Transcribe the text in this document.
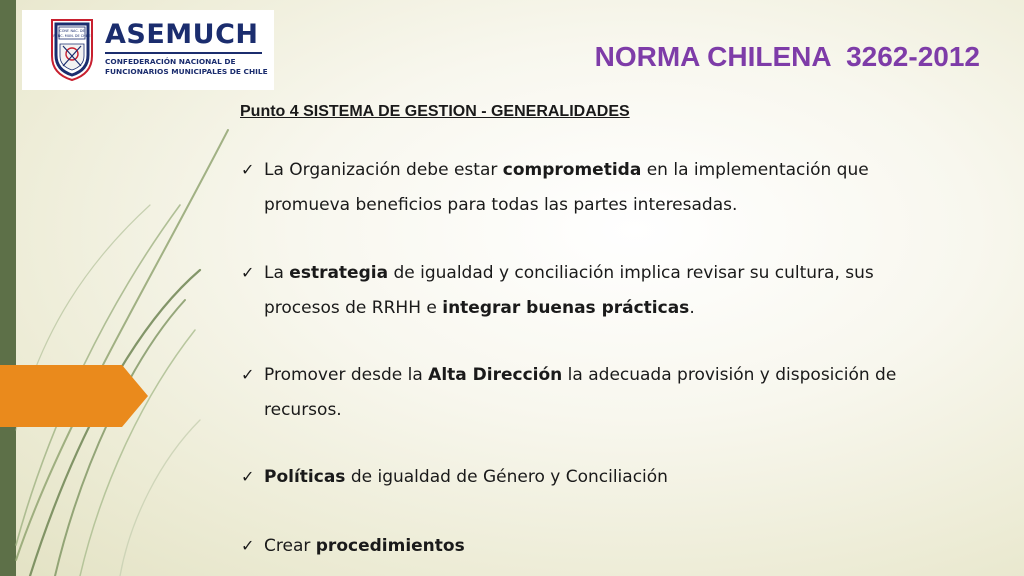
CONF. NAC. DE
FUNC. MUN. DE CHILE ASEMUCH
CONFEDERACIÓN NACIONAL DE
FUNCIONARIOS MUNICIPALES DE CHILE	NORMA CHILENA  3262-2012
Punto 4 SISTEMA DE GESTION - GENERALIDADES
✓ La Organización debe estar comprometida en la implementación que
promueva beneficios para todas las partes interesadas.
✓ La estrategia de igualdad y conciliación implica revisar su cultura, sus
procesos de RRHH e integrar buenas prácticas.
✓ Promover desde la Alta Dirección la adecuada provisión y disposición de
recursos.
✓ Políticas de igualdad de Género y Conciliación
✓ Crear procedimientos
